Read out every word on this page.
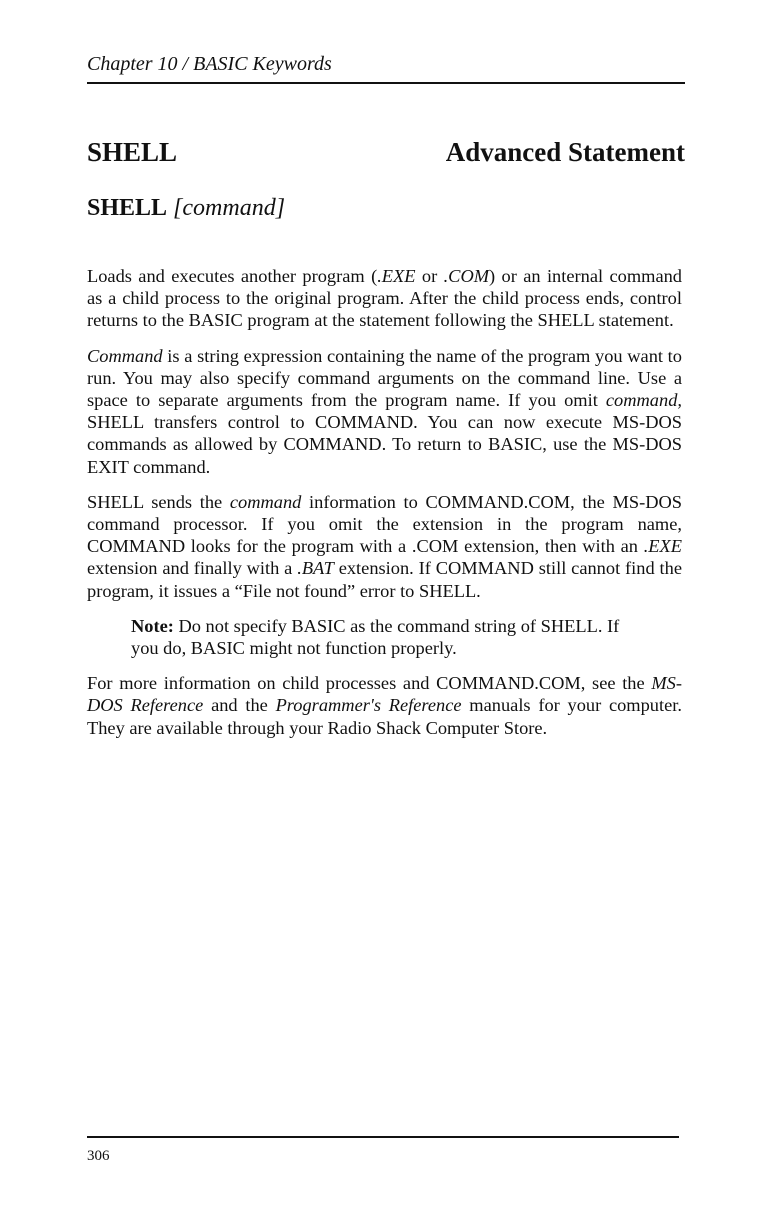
Chapter 10 / BASIC Keywords
SHELL	Advanced Statement
SHELL [command]

Loads and executes another program (.EXE or .COM) or an internal command as a child process to the original program. After the child process ends, control returns to the BASIC program at the statement following the SHELL statement.

Command is a string expression containing the name of the program you want to run. You may also specify command arguments on the command line. Use a space to separate arguments from the program name. If you omit command, SHELL transfers control to COMMAND. You can now execute MS-DOS commands as allowed by COMMAND. To return to BASIC, use the MS-DOS EXIT command.

SHELL sends the command information to COMMAND.COM, the MS-DOS command processor. If you omit the extension in the program name, COMMAND looks for the program with a .COM extension, then with an .EXE extension and finally with a .BAT extension. If COMMAND still cannot find the program, it issues a “File not found” error to SHELL.

Note: Do not specify BASIC as the command string of SHELL. If you do, BASIC might not function properly.

For more information on child processes and COMMAND.COM, see the MS-DOS Reference and the Programmer's Reference manuals for your computer. They are available through your Radio Shack Computer Store.

306
